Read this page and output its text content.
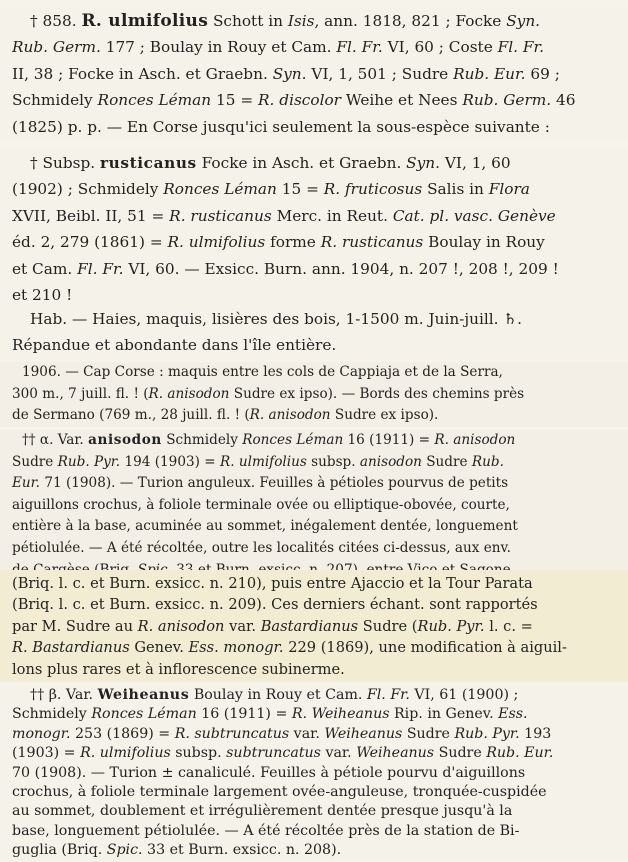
† 858. R. ulmifolius Schott in Isis, ann. 1818, 821 ; Focke Syn.
Rub. Germ. 177 ; Boulay in Rouy et Cam. Fl. Fr. VI, 60 ; Coste Fl. Fr.
II, 38 ; Focke in Asch. et Graebn. Syn. VI, 1, 501 ; Sudre Rub. Eur. 69 ;
Schmidely Ronces Léman 15 = R. discolor Weihe et Nees Rub. Germ. 46
(1825) p. p. — En Corse jusqu'ici seulement la sous-espèce suivante :
† Subsp. rusticanus Focke in Asch. et Graebn. Syn. VI, 1, 60
(1902) ; Schmidely Ronces Léman 15 = R. fruticosus Salis in Flora
XVII, Beibl. II, 51 = R. rusticanus Merc. in Reut. Cat. pl. vasc. Genève
éd. 2, 279 (1861) = R. ulmifolius forme R. rusticanus Boulay in Rouy
et Cam. Fl. Fr. VI, 60. — Exsicc. Burn. ann. 1904, n. 207 !, 208 !, 209 !
et 210 !
Hab. — Haies, maquis, lisières des bois, 1-1500 m. Juin-juill. ♄.
Répandue et abondante dans l'île entière.
1906. — Cap Corse : maquis entre les cols de Cappiaja et de la Serra,
300 m., 7 juill. fl. ! (R. anisodon Sudre ex ipso). — Bords des chemins près
de Sermano (769 m., 28 juill. fl. ! (R. anisodon Sudre ex ipso).
†† α. Var. anisodon Schmidely Ronces Léman 16 (1911) = R. anisodon
Sudre Rub. Pyr. 194 (1903) = R. ulmifolius subsp. anisodon Sudre Rub.
Eur. 71 (1908). — Turion anguleux. Feuilles à pétioles pourvus de petits
aiguillons crochus, à foliole terminale ovée ou elliptique-obovée, courte,
entière à la base, acuminée au sommet, inégalement dentée, longuement
pétiolulée. — A été récoltée, outre les localités citées ci-dessus, aux env.
(Briq. l. c. et Burn. exsicc. n. 210), puis entre Ajaccio et la Tour Parata
(Briq. l. c. et Burn. exsicc. n. 209). Ces derniers échant. sont rapportés
par M. Sudre au R. anisodon var. Bastardianus Sudre (Rub. Pyr. l. c. =
R. Bastardianus Genev. Ess. monogr. 229 (1869), une modification à aiguil-
lons plus rares et à inflorescence subinerme.
†† β. Var. Weiheanus Boulay in Rouy et Cam. Fl. Fr. VI, 61 (1900) ;
Schmidely Ronces Léman 16 (1911) = R. Weiheanus Rip. in Genev. Ess.
monogr. 253 (1869) = R. subtruncatus var. Weiheanus Sudre Rub. Pyr. 193
(1903) = R. ulmifolius subsp. subtruncatus var. Weiheanus Sudre Rub. Eur.
70 (1908). — Turion ± canaliculé. Feuilles à pétiole pourvu d'aiguillons
crochus, à foliole terminale largement ovée-anguleuse, tronquée-cuspidée
au sommet, doublement et irrégulièrement dentée presque jusqu'à la
base, longuement pétiolulée. — A été récoltée près de la station de Bi-
guglia (Briq. Spic. 33 et Burn. exsicc. n. 208).
